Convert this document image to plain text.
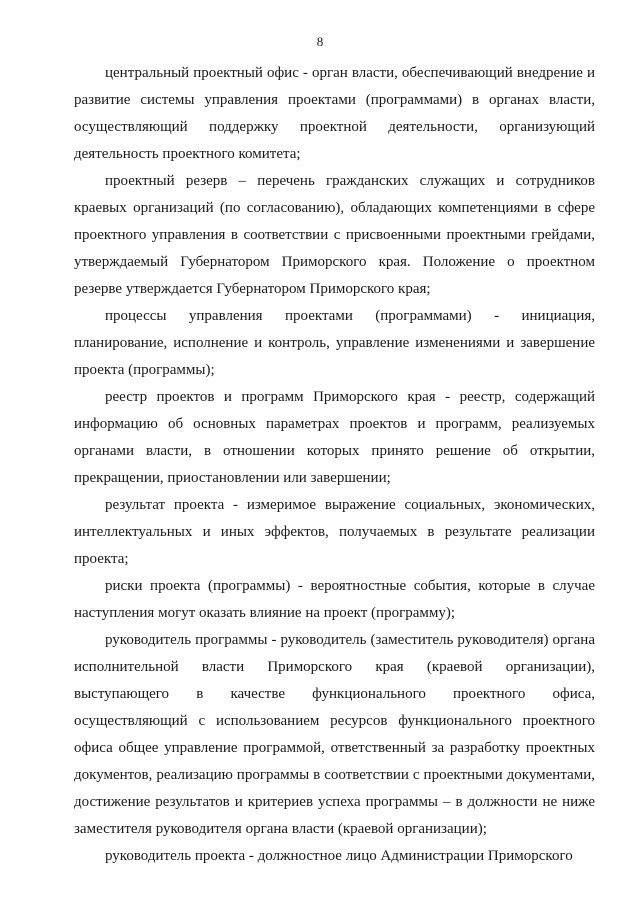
8

центральный проектный офис - орган власти, обеспечивающий внедрение и развитие системы управления проектами (программами) в органах власти, осуществляющий поддержку проектной деятельности, организующий деятельность проектного комитета;

проектный резерв – перечень гражданских служащих и сотрудников краевых организаций (по согласованию), обладающих компетенциями в сфере проектного управления в соответствии с присвоенными проектными грейдами, утверждаемый Губернатором Приморского края. Положение о проектном резерве утверждается Губернатором Приморского края;

процессы управления проектами (программами) - инициация, планирование, исполнение и контроль, управление изменениями и завершение проекта (программы);

реестр проектов и программ Приморского края - реестр, содержащий информацию об основных параметрах проектов и программ, реализуемых органами власти, в отношении которых принято решение об открытии, прекращении, приостановлении или завершении;

результат проекта - измеримое выражение социальных, экономических, интеллектуальных и иных эффектов, получаемых в результате реализации проекта;

риски проекта (программы) - вероятностные события, которые в случае наступления могут оказать влияние на проект (программу);

руководитель программы - руководитель (заместитель руководителя) органа исполнительной власти Приморского края (краевой организации), выступающего в качестве функционального проектного офиса, осуществляющий с использованием ресурсов функционального проектного офиса общее управление программой, ответственный за разработку проектных документов, реализацию программы в соответствии с проектными документами, достижение результатов и критериев успеха программы – в должности не ниже заместителя руководителя органа власти (краевой организации);

руководитель проекта - должностное лицо Администрации Приморского
